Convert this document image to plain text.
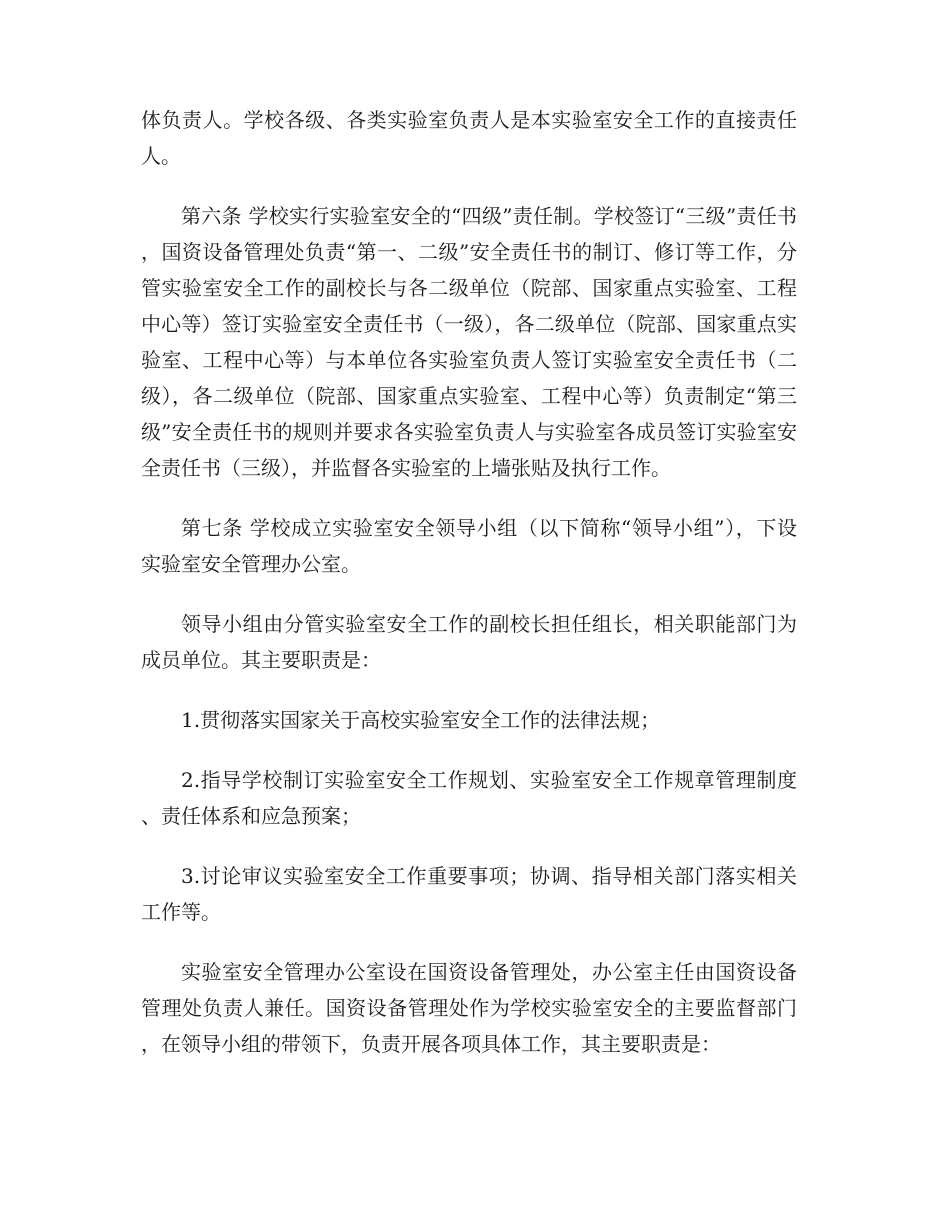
体负责人。学校各级、各类实验室负责人是本实验室安全工作的直接责任人。

第六条 学校实行实验室安全的“四级”责任制。学校签订“三级”责任书，国资设备管理处负责“第一、二级”安全责任书的制订、修订等工作，分管实验室安全工作的副校长与各二级单位（院部、国家重点实验室、工程中心等）签订实验室安全责任书（一级），各二级单位（院部、国家重点实验室、工程中心等）与本单位各实验室负责人签订实验室安全责任书（二级），各二级单位（院部、国家重点实验室、工程中心等）负责制定“第三级”安全责任书的规则并要求各实验室负责人与实验室各成员签订实验室安全责任书（三级），并监督各实验室的上墙张贴及执行工作。

第七条 学校成立实验室安全领导小组（以下简称“领导小组”），下设实验室安全管理办公室。

领导小组由分管实验室安全工作的副校长担任组长，相关职能部门为成员单位。其主要职责是：

1.贯彻落实国家关于高校实验室安全工作的法律法规；

2.指导学校制订实验室安全工作规划、实验室安全工作规章管理制度、责任体系和应急预案；

3.讨论审议实验室安全工作重要事项；协调、指导相关部门落实相关工作等。

实验室安全管理办公室设在国资设备管理处，办公室主任由国资设备管理处负责人兼任。国资设备管理处作为学校实验室安全的主要监督部门，在领导小组的带领下，负责开展各项具体工作，其主要职责是：
